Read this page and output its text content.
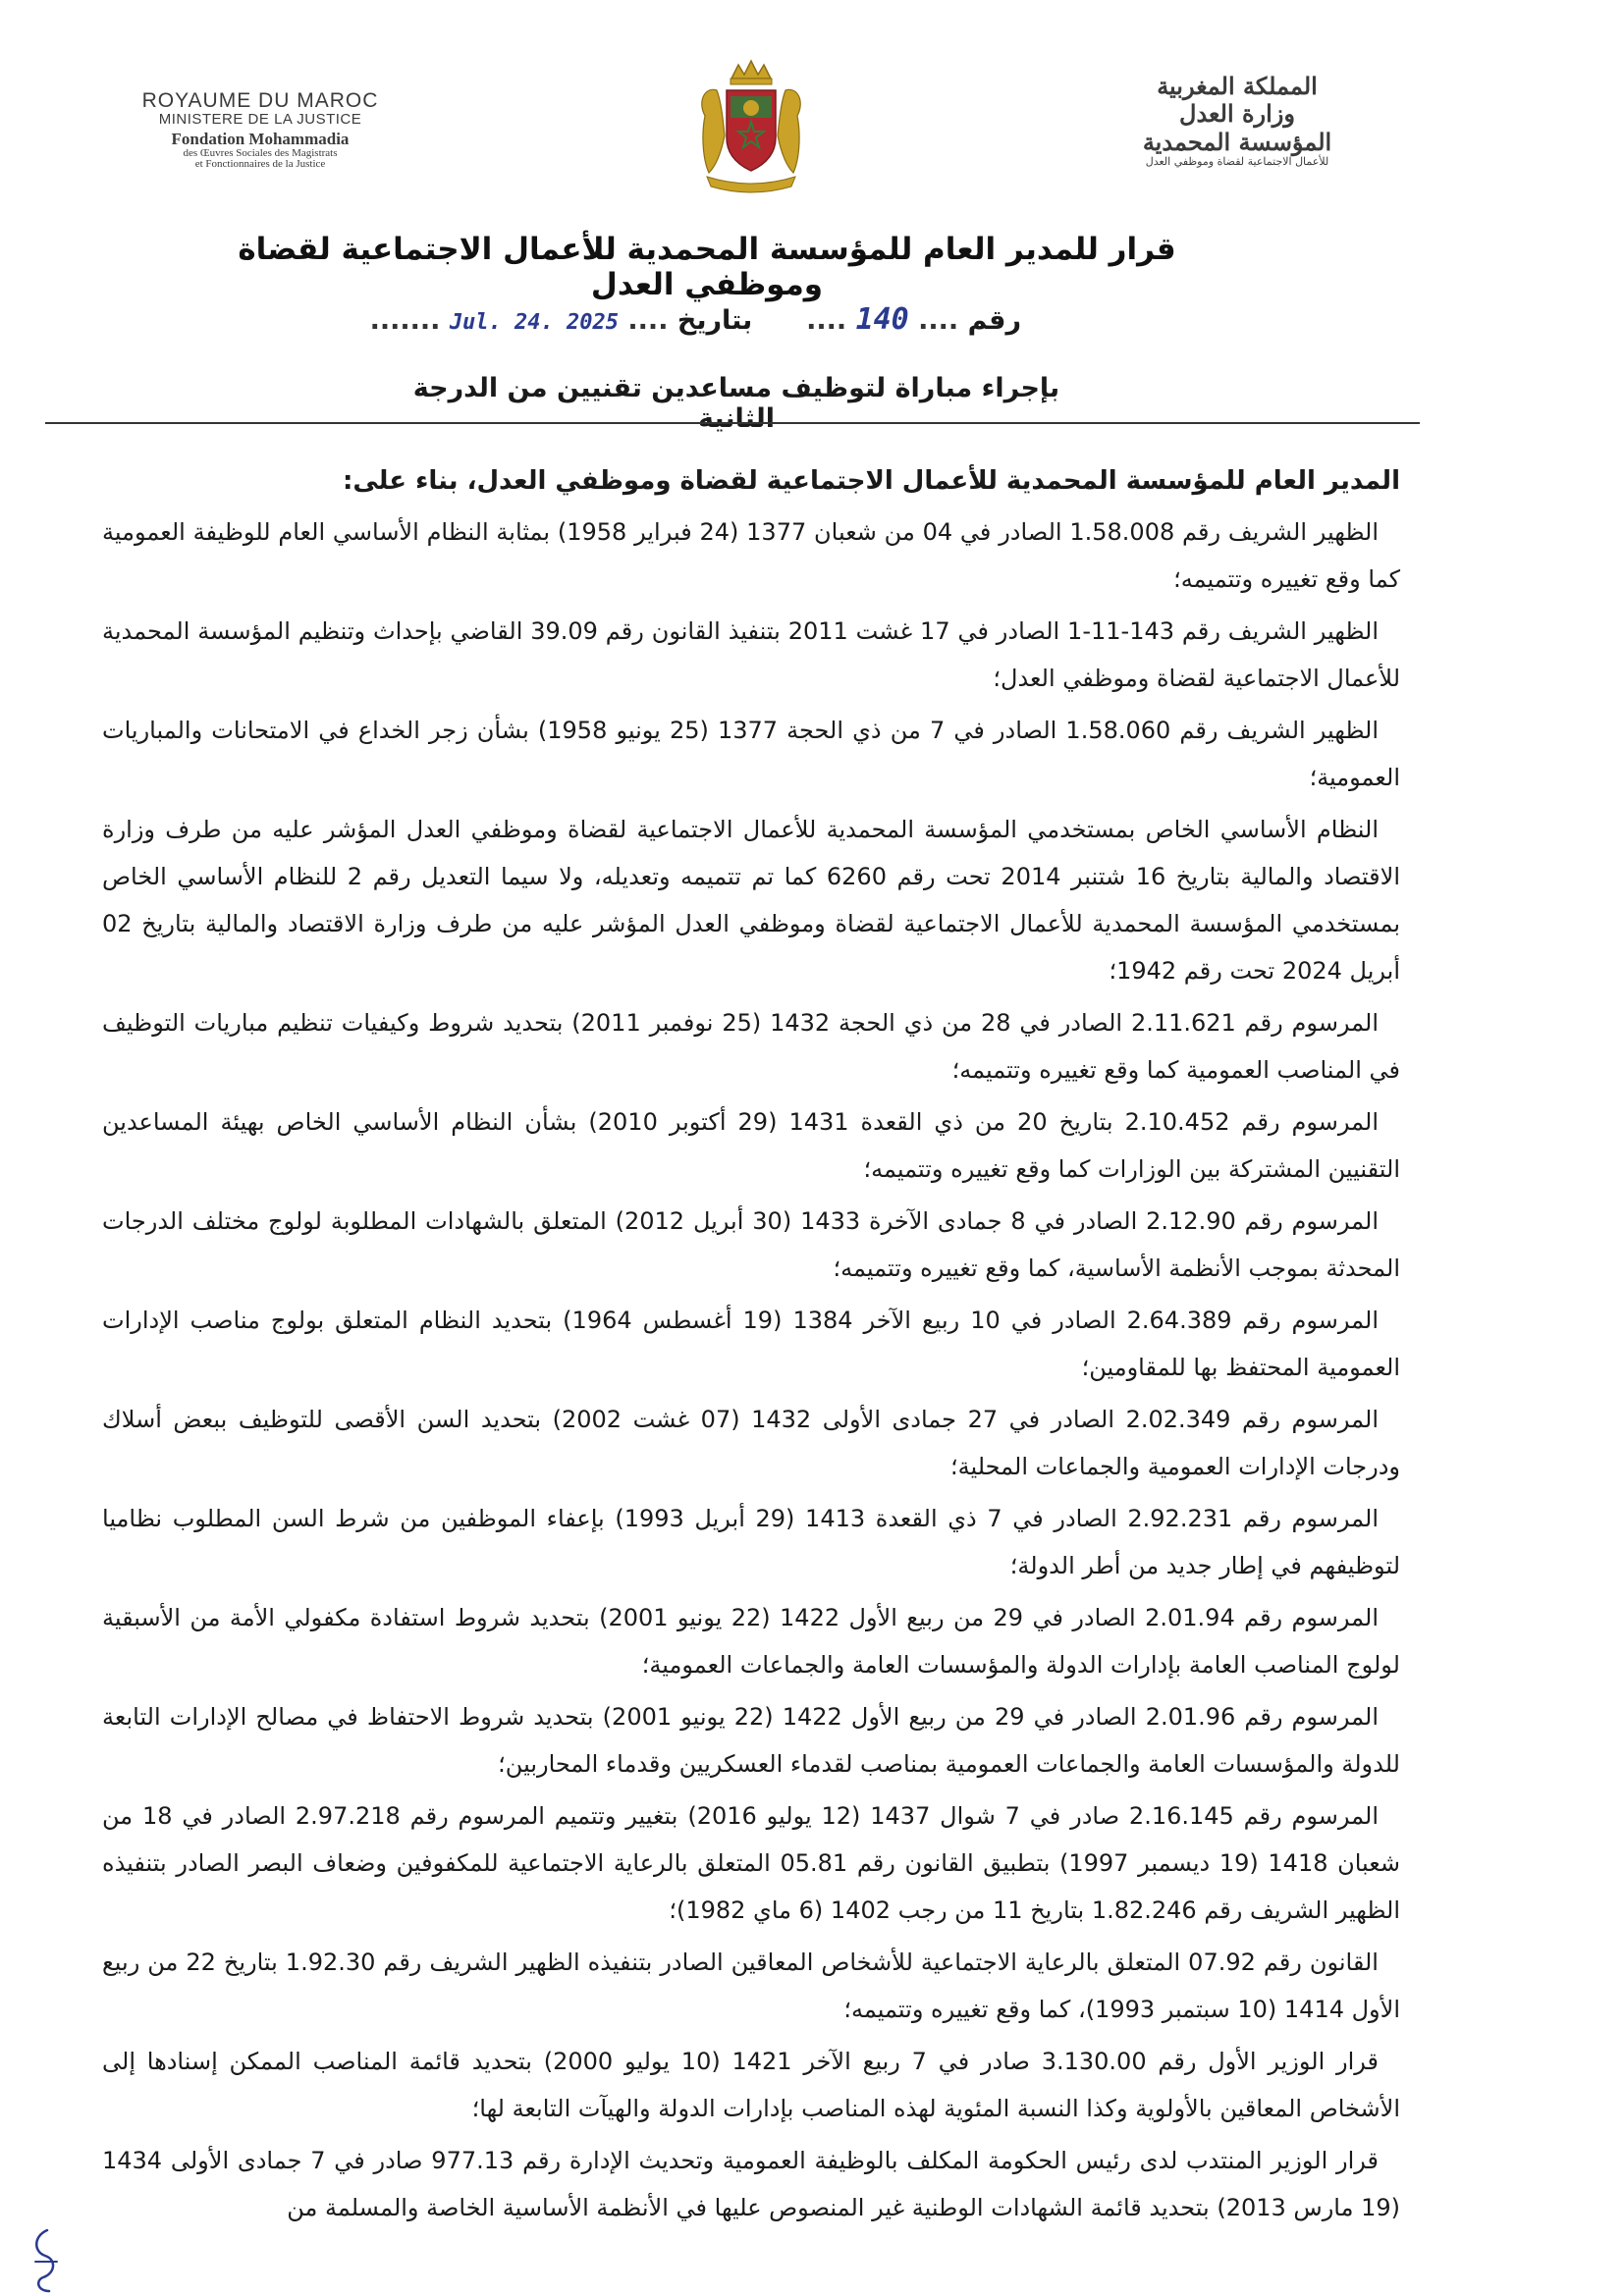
ROYAUME DU MAROC
MINISTERE DE LA JUSTICE
Fondation Mohammadia
des Œuvres Sociales des Magistrats
et Fonctionnaires de la Justice
المملكة المغربية
وزارة العدل
المؤسسة المحمدية
للأعمال الاجتماعية لقضاة وموظفي العدل
قرار للمدير العام للمؤسسة المحمدية للأعمال الاجتماعية لقضاة وموظفي العدل
رقم .... 140 ....  بتاريخ .... 2025 .Jul. 24 .......
بإجراء مباراة لتوظيف مساعدين تقنيين من الدرجة الثانية

المدير العام للمؤسسة المحمدية للأعمال الاجتماعية لقضاة وموظفي العدل، بناء على:

الظهير الشريف رقم 1.58.008 الصادر في 04 من شعبان 1377 (24 فبراير 1958) بمثابة النظام الأساسي العام للوظيفة العمومية كما وقع تغييره وتتميمه؛

الظهير الشريف رقم 143-11-1 الصادر في 17 غشت 2011 بتنفيذ القانون رقم 39.09 القاضي بإحداث وتنظيم المؤسسة المحمدية للأعمال الاجتماعية لقضاة وموظفي العدل؛

الظهير الشريف رقم 1.58.060 الصادر في 7 من ذي الحجة 1377 (25 يونيو 1958) بشأن زجر الخداع في الامتحانات والمباريات العمومية؛

النظام الأساسي الخاص بمستخدمي المؤسسة المحمدية للأعمال الاجتماعية لقضاة وموظفي العدل المؤشر عليه من طرف وزارة الاقتصاد والمالية بتاريخ 16 شتنبر 2014 تحت رقم 6260 كما تم تتميمه وتعديله، ولا سيما التعديل رقم 2 للنظام الأساسي الخاص بمستخدمي المؤسسة المحمدية للأعمال الاجتماعية لقضاة وموظفي العدل المؤشر عليه من طرف وزارة الاقتصاد والمالية بتاريخ 02 أبريل 2024 تحت رقم 1942؛

المرسوم رقم 2.11.621 الصادر في 28 من ذي الحجة 1432 (25 نوفمبر 2011) بتحديد شروط وكيفيات تنظيم مباريات التوظيف في المناصب العمومية كما وقع تغييره وتتميمه؛

المرسوم رقم 2.10.452 بتاريخ 20 من ذي القعدة 1431 (29 أكتوبر 2010) بشأن النظام الأساسي الخاص بهيئة المساعدين التقنيين المشتركة بين الوزارات كما وقع تغييره وتتميمه؛

المرسوم رقم 2.12.90 الصادر في 8 جمادى الآخرة 1433 (30 أبريل 2012) المتعلق بالشهادات المطلوبة لولوج مختلف الدرجات المحدثة بموجب الأنظمة الأساسية، كما وقع تغييره وتتميمه؛

المرسوم رقم 2.64.389 الصادر في 10 ربيع الآخر 1384 (19 أغسطس 1964) بتحديد النظام المتعلق بولوج مناصب الإدارات العمومية المحتفظ بها للمقاومين؛

المرسوم رقم 2.02.349 الصادر في 27 جمادى الأولى 1432 (07 غشت 2002) بتحديد السن الأقصى للتوظيف ببعض أسلاك ودرجات الإدارات العمومية والجماعات المحلية؛

المرسوم رقم 2.92.231 الصادر في 7 ذي القعدة 1413 (29 أبريل 1993) بإعفاء الموظفين من شرط السن المطلوب نظاميا لتوظيفهم في إطار جديد من أطر الدولة؛

المرسوم رقم 2.01.94 الصادر في 29 من ربيع الأول 1422 (22 يونيو 2001) بتحديد شروط استفادة مكفولي الأمة من الأسبقية لولوج المناصب العامة بإدارات الدولة والمؤسسات العامة والجماعات العمومية؛

المرسوم رقم 2.01.96 الصادر في 29 من ربيع الأول 1422 (22 يونيو 2001) بتحديد شروط الاحتفاظ في مصالح الإدارات التابعة للدولة والمؤسسات العامة والجماعات العمومية بمناصب لقدماء العسكريين وقدماء المحاربين؛

المرسوم رقم 2.16.145 صادر في 7 شوال 1437 (12 يوليو 2016) بتغيير وتتميم المرسوم رقم 2.97.218 الصادر في 18 من شعبان 1418 (19 ديسمبر 1997) بتطبيق القانون رقم 05.81 المتعلق بالرعاية الاجتماعية للمكفوفين وضعاف البصر الصادر بتنفيذه الظهير الشريف رقم 1.82.246 بتاريخ 11 من رجب 1402 (6 ماي 1982)؛

القانون رقم 07.92 المتعلق بالرعاية الاجتماعية للأشخاص المعاقين الصادر بتنفيذه الظهير الشريف رقم 1.92.30 بتاريخ 22 من ربيع الأول 1414 (10 سبتمبر 1993)، كما وقع تغييره وتتميمه؛

قرار الوزير الأول رقم 3.130.00 صادر في 7 ربيع الآخر 1421 (10 يوليو 2000) بتحديد قائمة المناصب الممكن إسنادها إلى الأشخاص المعاقين بالأولوية وكذا النسبة المئوية لهذه المناصب بإدارات الدولة والهيآت التابعة لها؛

قرار الوزير المنتدب لدى رئيس الحكومة المكلف بالوظيفة العمومية وتحديث الإدارة رقم 977.13 صادر في 7 جمادى الأولى 1434 (19 مارس 2013) بتحديد قائمة الشهادات الوطنية غير المنصوص عليها في الأنظمة الأساسية الخاصة والمسلمة من
